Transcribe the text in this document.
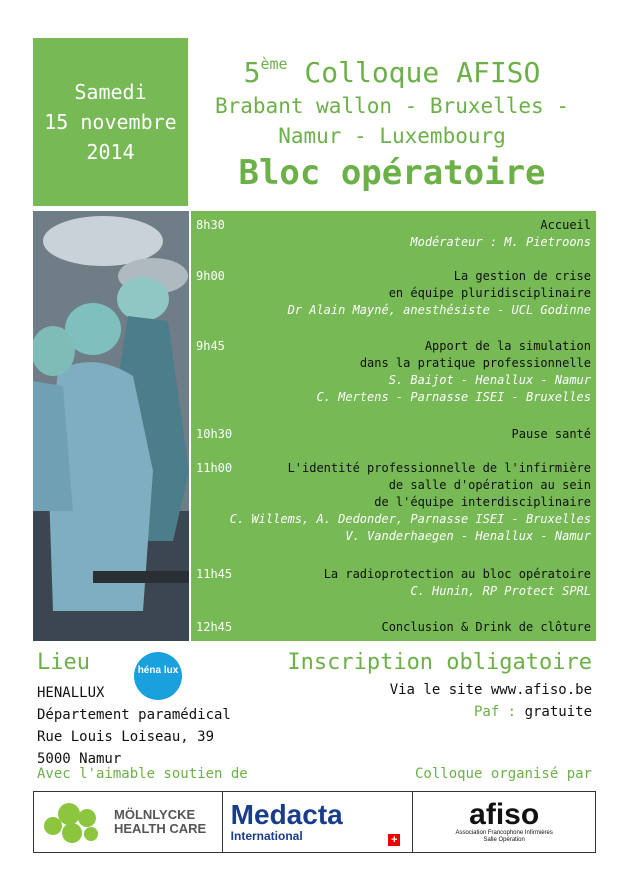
Samedi
15 novembre
2014
5ème Colloque AFISO
Brabant wallon - Bruxelles -
Namur - Luxembourg
Bloc opératoire
8h30	Accueil
Modérateur : M. Pietroons
9h00	La gestion de crise
en équipe pluridisciplinaire
Dr Alain Mayné, anesthésiste - UCL Godinne
9h45	Apport de la simulation
dans la pratique professionnelle
S. Baijot - Henallux - Namur
C. Mertens - Parnasse ISEI - Bruxelles
10h30	Pause santé
11h00	L'identité professionnelle de l'infirmière
de salle d'opération au sein
de l'équipe interdisciplinaire
C. Willems, A. Dedonder, Parnasse ISEI - Bruxelles
V. Vanderhaegen - Henallux - Namur
11h45	La radioprotection au bloc opératoire
C. Hunin, RP Protect SPRL
12h45	Conclusion & Drink de clôture
Lieu	héna lux
HENALLUX
Département paramédical
Rue Louis Loiseau, 39
5000 Namur
Inscription obligatoire
Via le site www.afiso.be
Paf : gratuite
Avec l'aimable soutien de	Colloque organisé par
MÖLNLYCKE
HEALTH CARE Medacta
International	+
afiso
Association Francophone Infirmières
Salle Opération
